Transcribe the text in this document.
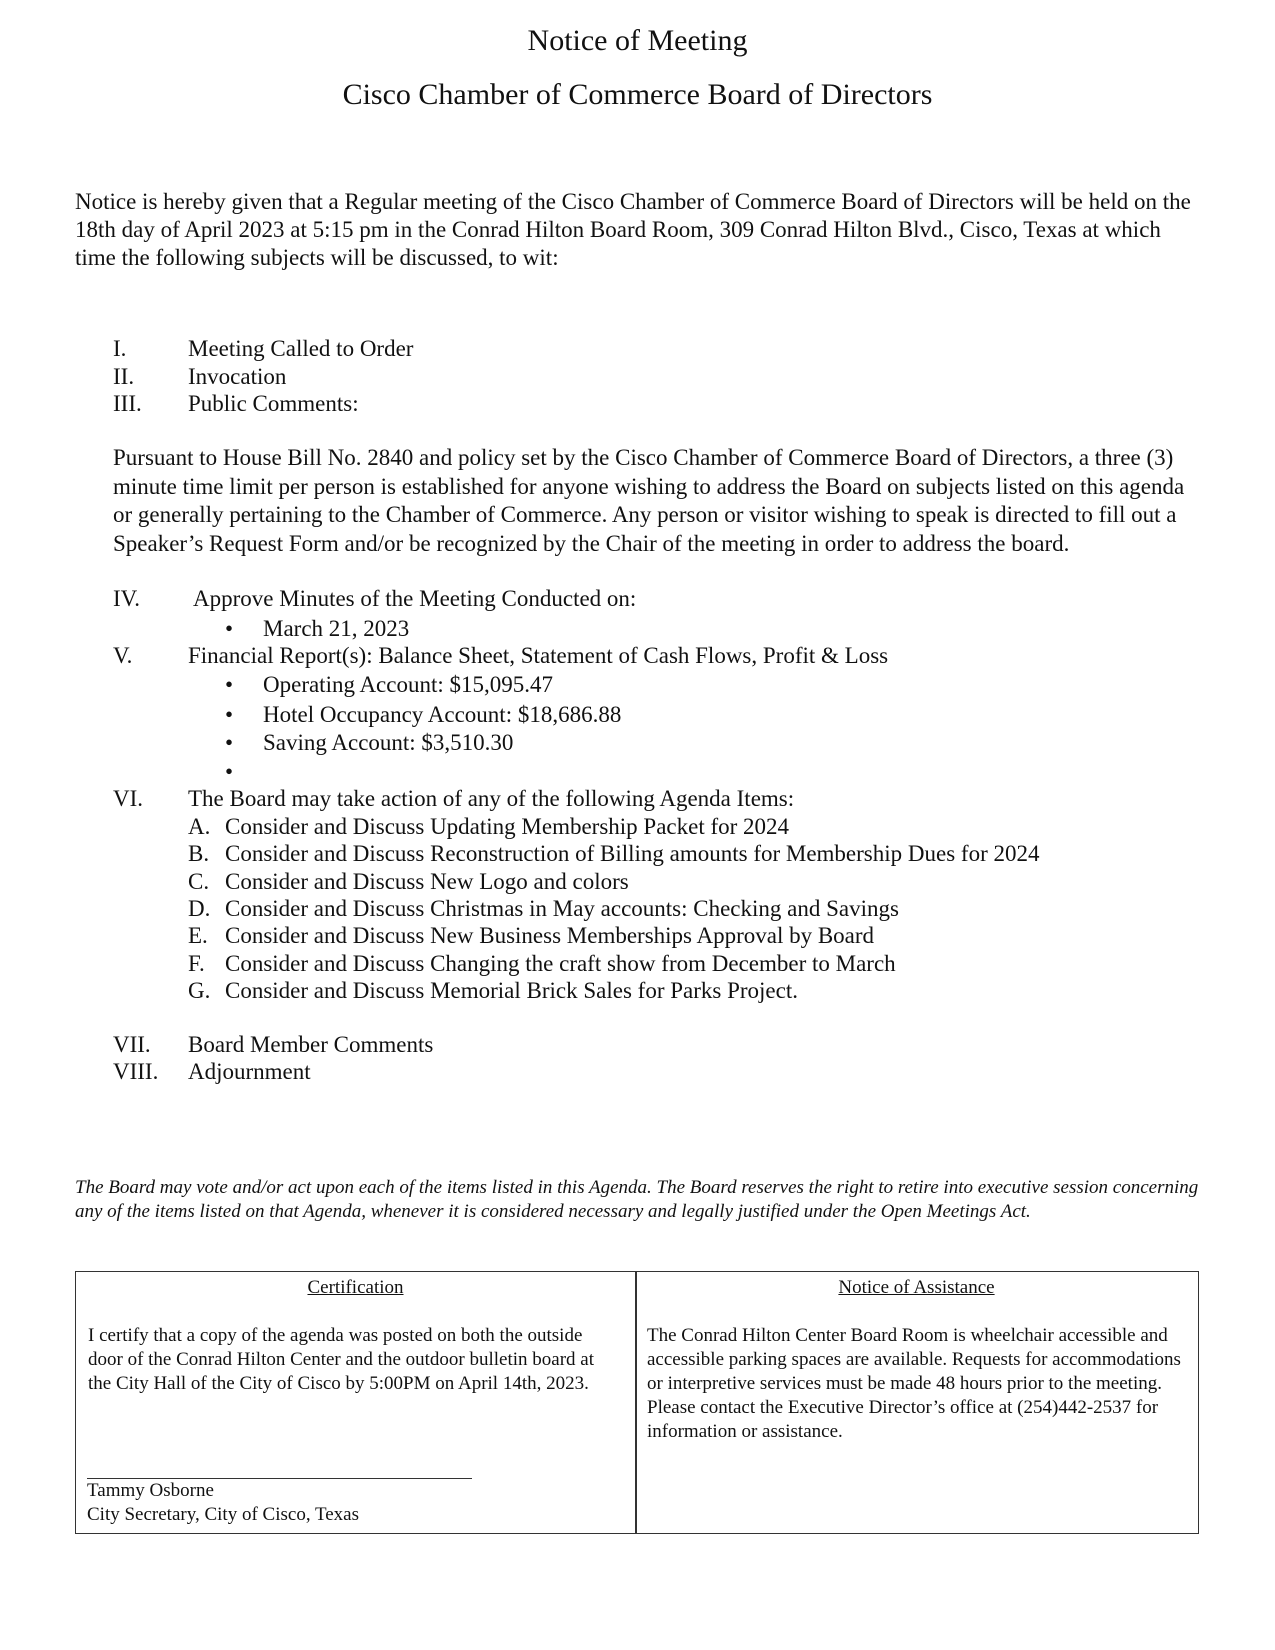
Notice of Meeting
Cisco Chamber of Commerce Board of Directors
Notice is hereby given that a Regular meeting of the Cisco Chamber of Commerce Board of Directors will be held on the 18th day of April 2023 at 5:15 pm in the Conrad Hilton Board Room, 309 Conrad Hilton Blvd., Cisco, Texas at which time the following subjects will be discussed, to wit:
I.	Meeting Called to Order
II. Invocation
III. Public Comments:
Pursuant to House Bill No. 2840 and policy set by the Cisco Chamber of Commerce Board of Directors, a three (3) minute time limit per person is established for anyone wishing to address the Board on subjects listed on this agenda or generally pertaining to the Chamber of Commerce. Any person or visitor wishing to speak is directed to fill out a Speaker’s Request Form and/or be recognized by the Chair of the meeting in order to address the board.
IV. Approve Minutes of the Meeting Conducted on:
• March 21, 2023
V. Financial Report(s): Balance Sheet, Statement of Cash Flows, Profit & Loss
• Operating Account: $15,095.47
• Hotel Occupancy Account: $18,686.88
• Saving Account: $3,510.30
•
VI. The Board may take action of any of the following Agenda Items:
A. Consider and Discuss Updating Membership Packet for 2024
B. Consider and Discuss Reconstruction of Billing amounts for Membership Dues for 2024
C. Consider and Discuss New Logo and colors
D. Consider and Discuss Christmas in May accounts: Checking and Savings
E. Consider and Discuss New Business Memberships Approval by Board
F. Consider and Discuss Changing the craft show from December to March
G. Consider and Discuss Memorial Brick Sales for Parks Project.
VII. Board Member Comments
VIII. Adjournment
The Board may vote and/or act upon each of the items listed in this Agenda. The Board reserves the right to retire into executive session concerning any of the items listed on that Agenda, whenever it is considered necessary and legally justified under the Open Meetings Act.
Certification
I certify that a copy of the agenda was posted on both the outside door of the Conrad Hilton Center and the outdoor bulletin board at the City Hall of the City of Cisco by 5:00PM on April 14th, 2023.
Notice of Assistance
The Conrad Hilton Center Board Room is wheelchair accessible and accessible parking spaces are available. Requests for accommodations or interpretive services must be made 48 hours prior to the meeting. Please contact the Executive Director’s office at (254)442-2537 for information or assistance.
Tammy Osborne
City Secretary, City of Cisco, Texas
